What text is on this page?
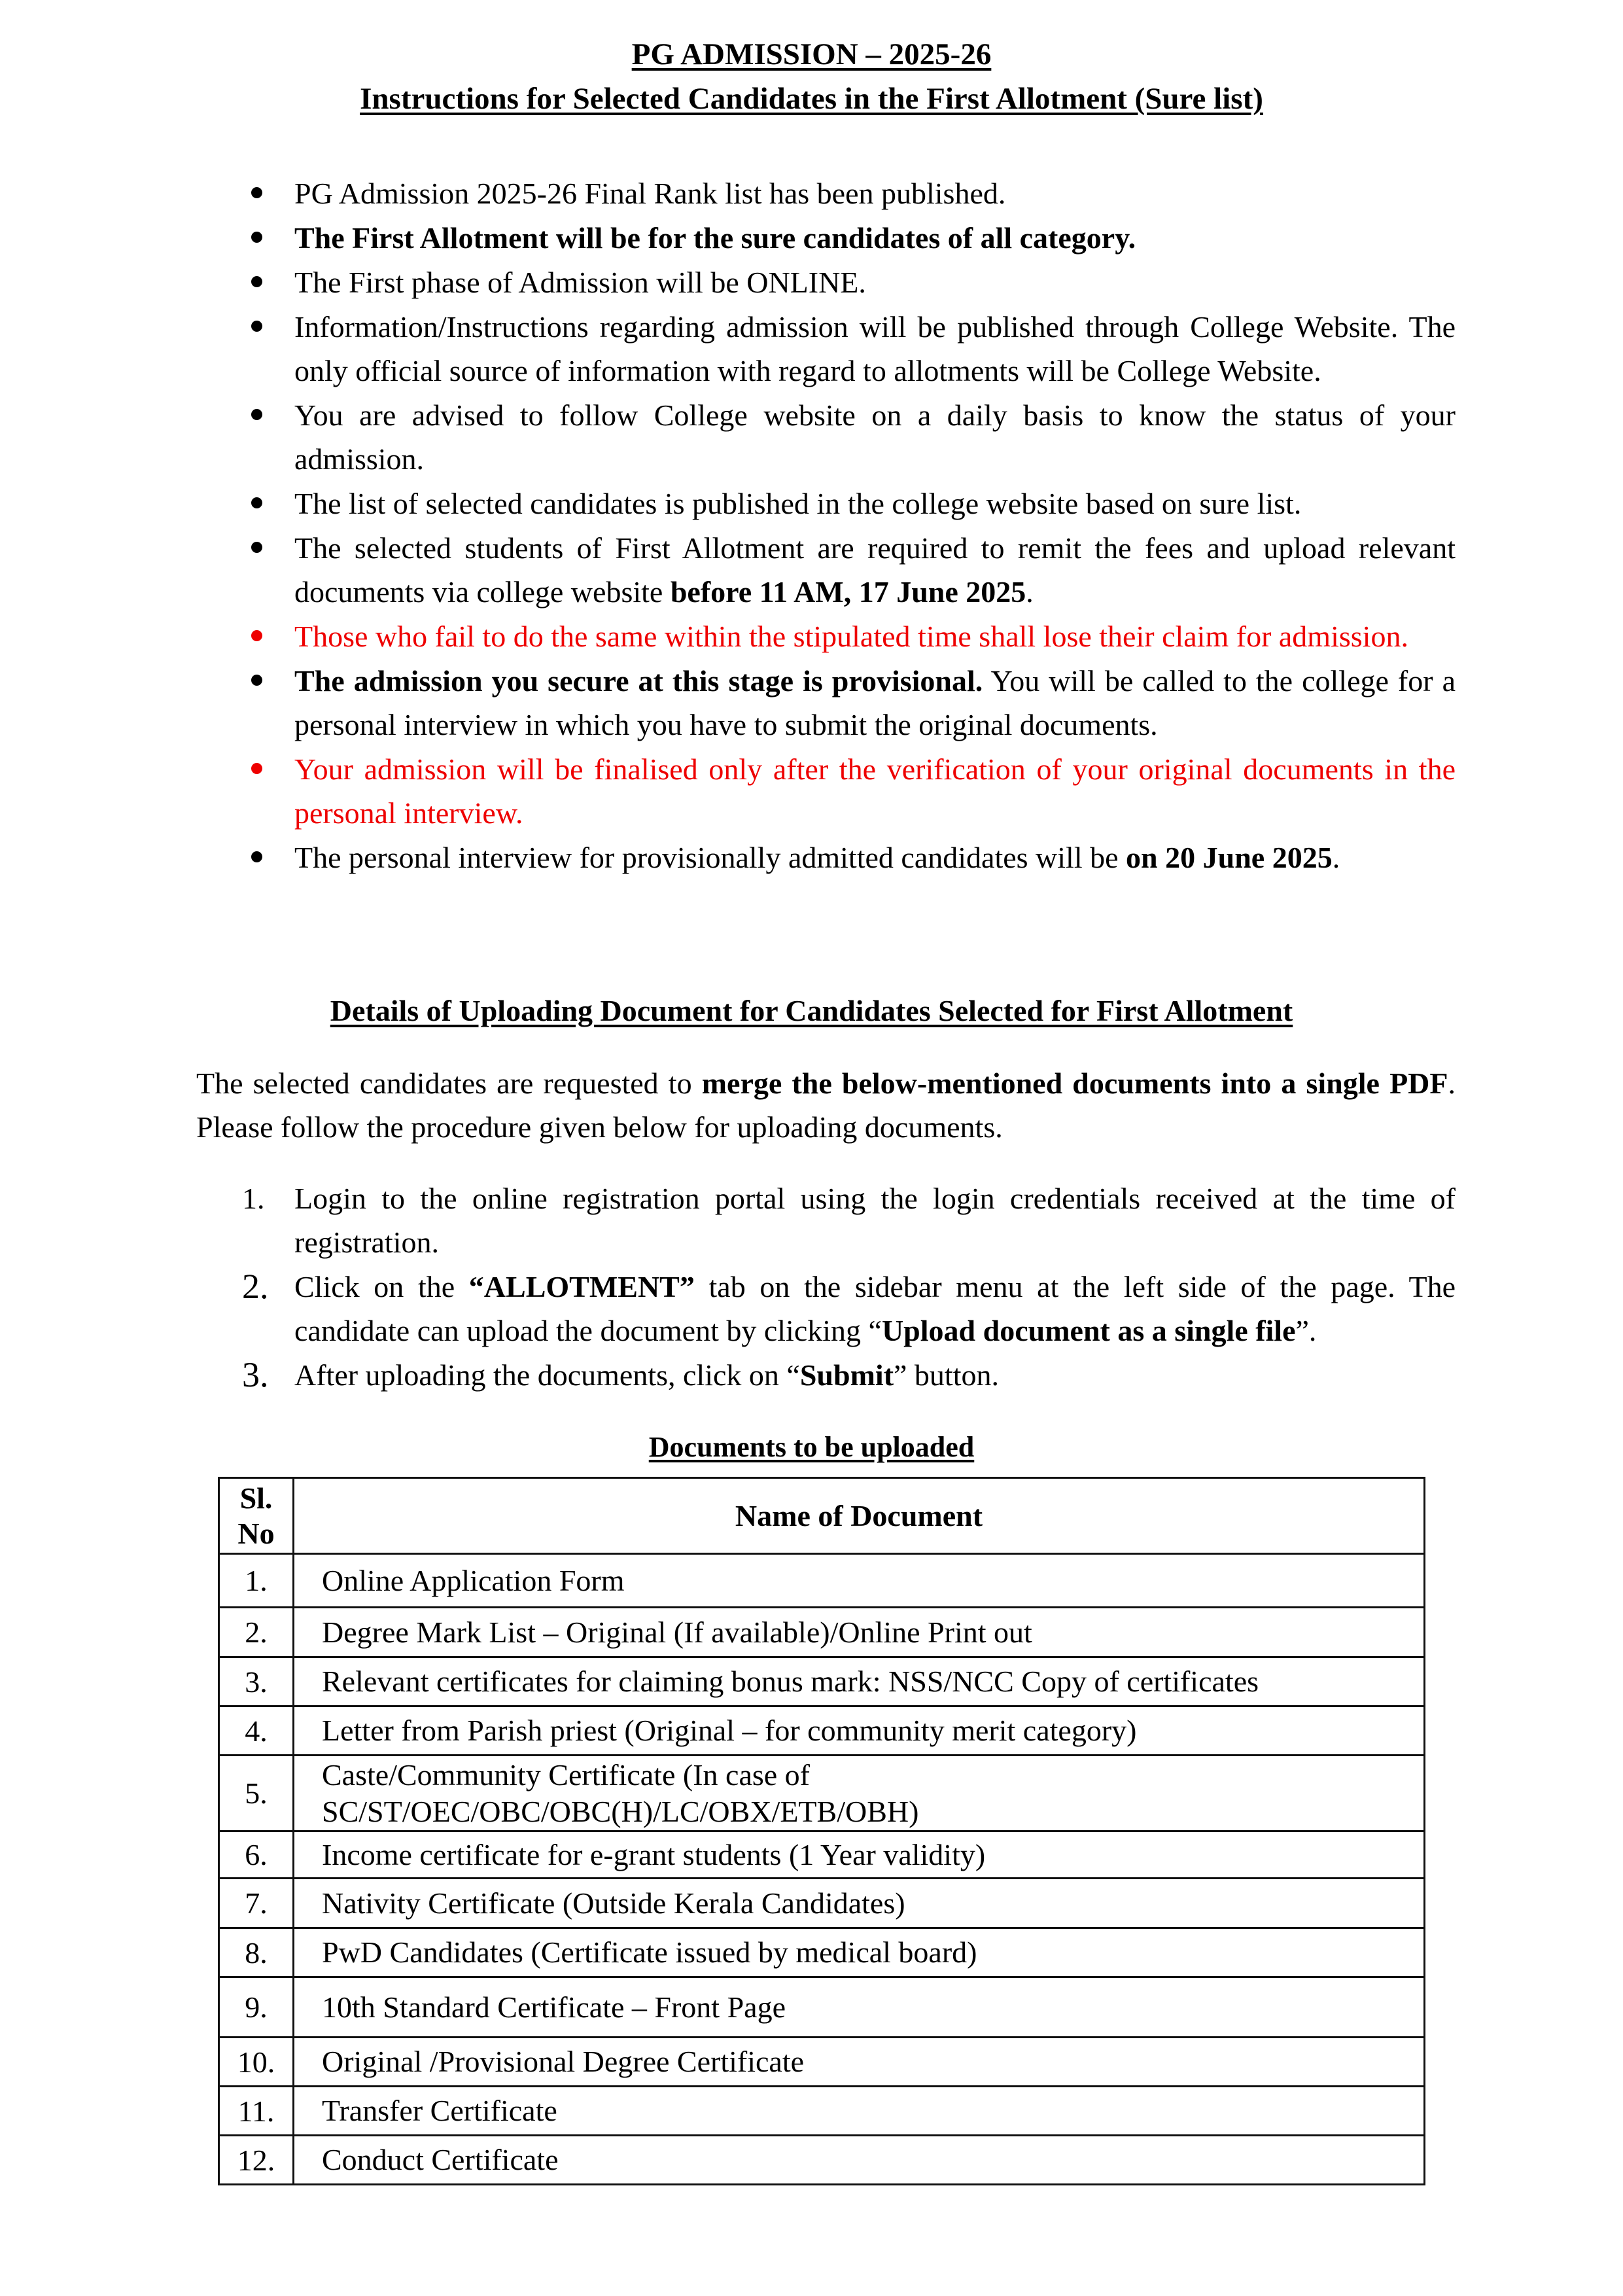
PG ADMISSION – 2025-26
Instructions for Selected Candidates in the First Allotment (Sure list)
PG Admission 2025-26 Final Rank list has been published.
The First Allotment will be for the sure candidates of all category.
The First phase of Admission will be ONLINE.
Information/Instructions regarding admission will be published through College Website. The only official source of information with regard to allotments will be College Website.
You are advised to follow College website on a daily basis to know the status of your admission.
The list of selected candidates is published in the college website based on sure list.
The selected students of First Allotment are required to remit the fees and upload relevant documents via college website before 11 AM, 17 June 2025.
Those who fail to do the same within the stipulated time shall lose their claim for admission.
The admission you secure at this stage is provisional. You will be called to the college for a personal interview in which you have to submit the original documents.
Your admission will be finalised only after the verification of your original documents in the personal interview.
The personal interview for provisionally admitted candidates will be on 20 June 2025.
Details of Uploading Document for Candidates Selected for First Allotment
The selected candidates are requested to merge the below-mentioned documents into a single PDF. Please follow the procedure given below for uploading documents.
1. Login to the online registration portal using the login credentials received at the time of registration.
2. Click on the “ALLOTMENT” tab on the sidebar menu at the left side of the page. The candidate can upload the document by clicking “Upload document as a single file”.
3. After uploading the documents, click on “Submit” button.
Documents to be uploaded
Sl.
No	Name of Document
1.	Online Application Form
2.	Degree Mark List – Original (If available)/Online Print out
3.	Relevant certificates for claiming bonus mark: NSS/NCC Copy of certificates
4.	Letter from Parish priest (Original – for community merit category)
5.	Caste/Community Certificate (In case of
SC/ST/OEC/OBC/OBC(H)/LC/OBX/ETB/OBH)
6.	Income certificate for e-grant students (1 Year validity)
7.	Nativity Certificate (Outside Kerala Candidates)
8.	PwD Candidates (Certificate issued by medical board)
9.	10th Standard Certificate – Front Page
10.	Original /Provisional Degree Certificate
11.	Transfer Certificate
12.	Conduct Certificate
